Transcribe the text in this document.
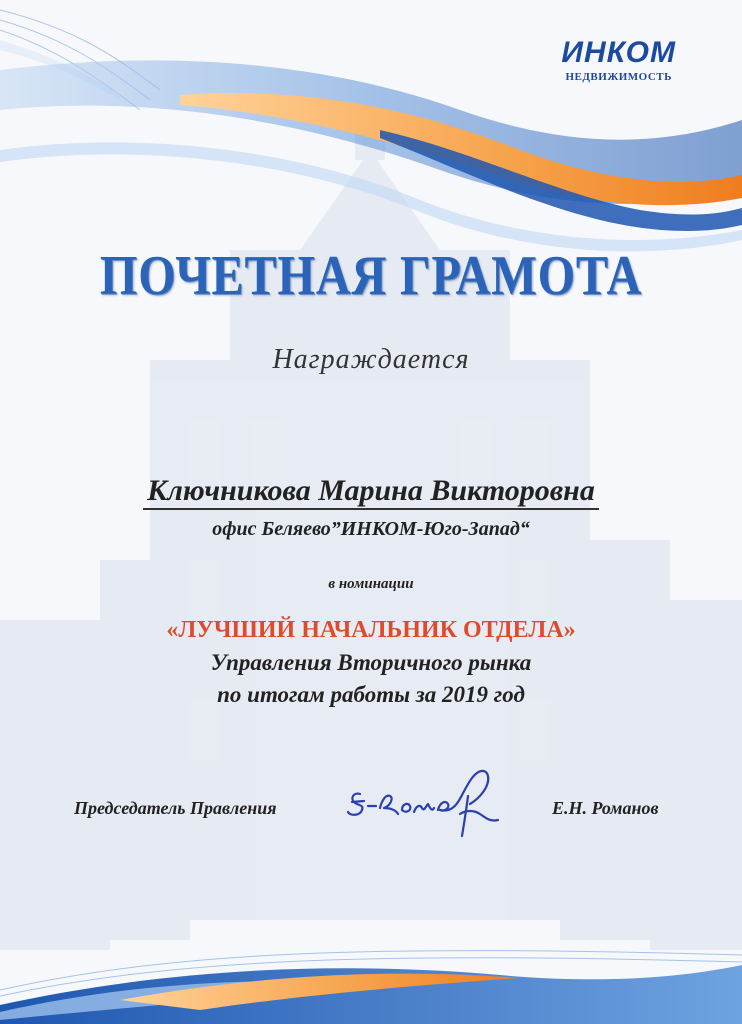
ИНКОМ
НЕДВИЖИМОСТЬ
ПОЧЕТНАЯ ГРАМОТА
Награждается
Ключникова Марина Викторовна
офис Беляево”ИНКОМ-Юго-Запад“
в номинации
«ЛУЧШИЙ НАЧАЛЬНИК ОТДЕЛА»
Управления Вторичного рынка
по итогам работы за 2019 год
Председатель Правления	Е.Н. Романов
